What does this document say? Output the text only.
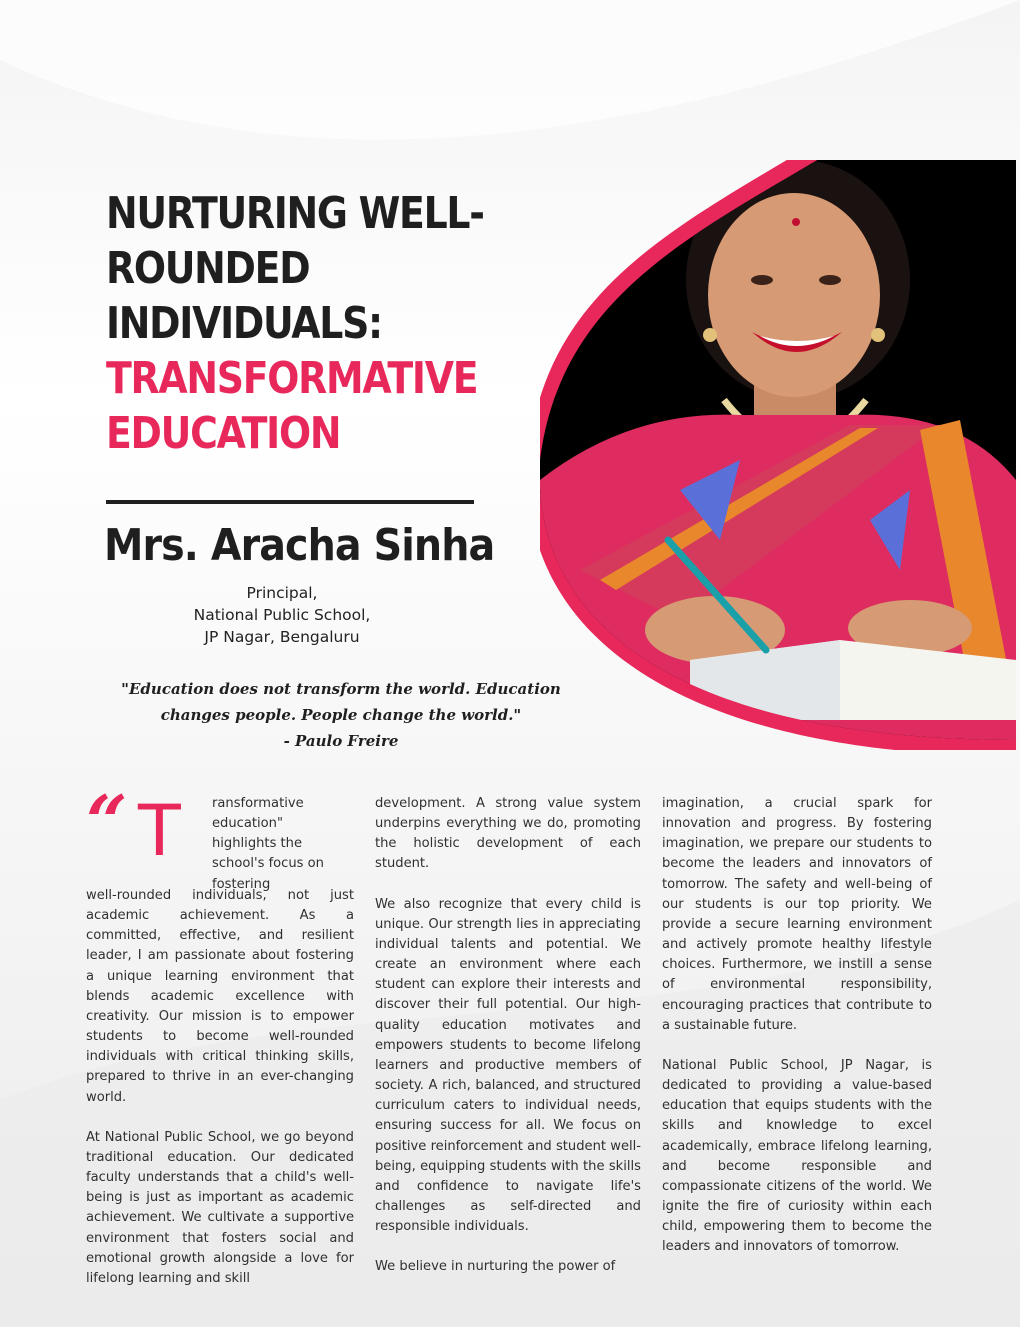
NURTURING WELL-
ROUNDED
INDIVIDUALS:
TRANSFORMATIVE
EDUCATION
Mrs. Aracha Sinha
Principal,
National Public School,
JP Nagar, Bengaluru
"Education does not transform the world. Education
changes people. People change the world."
- Paulo Freire
“ T ransformative
education"
highlights the
school's focus on
fostering

well-rounded individuals, not just academic achievement. As a committed, effective, and resilient leader, I am passionate about fostering a unique learning environment that blends academic excellence with creativity. Our mission is to empower students to become well-rounded individuals with critical thinking skills, prepared to thrive in an ever-changing world.

At National Public School, we go beyond traditional education. Our dedicated faculty understands that a child's well-being is just as important as academic achievement. We cultivate a supportive environment that fosters social and emotional growth alongside a love for lifelong learning and skill

development. A strong value system underpins everything we do, promoting the holistic development of each student.

We also recognize that every child is unique. Our strength lies in appreciating individual talents and potential. We create an environment where each student can explore their interests and discover their full potential. Our high-quality education motivates and empowers students to become lifelong learners and productive members of society. A rich, balanced, and structured curriculum caters to individual needs, ensuring success for all. We focus on positive reinforcement and student well-being, equipping students with the skills and confidence to navigate life's challenges as self-directed and responsible individuals.

We believe in nurturing the power of

imagination, a crucial spark for innovation and progress. By fostering imagination, we prepare our students to become the leaders and innovators of tomorrow. The safety and well-being of our students is our top priority. We provide a secure learning environment and actively promote healthy lifestyle choices. Furthermore, we instill a sense of environmental responsibility, encouraging practices that contribute to a sustainable future.

National Public School, JP Nagar, is dedicated to providing a value-based education that equips students with the skills and knowledge to excel academically, embrace lifelong learning, and become responsible and compassionate citizens of the world. We ignite the fire of curiosity within each child, empowering them to become the leaders and innovators of tomorrow.
